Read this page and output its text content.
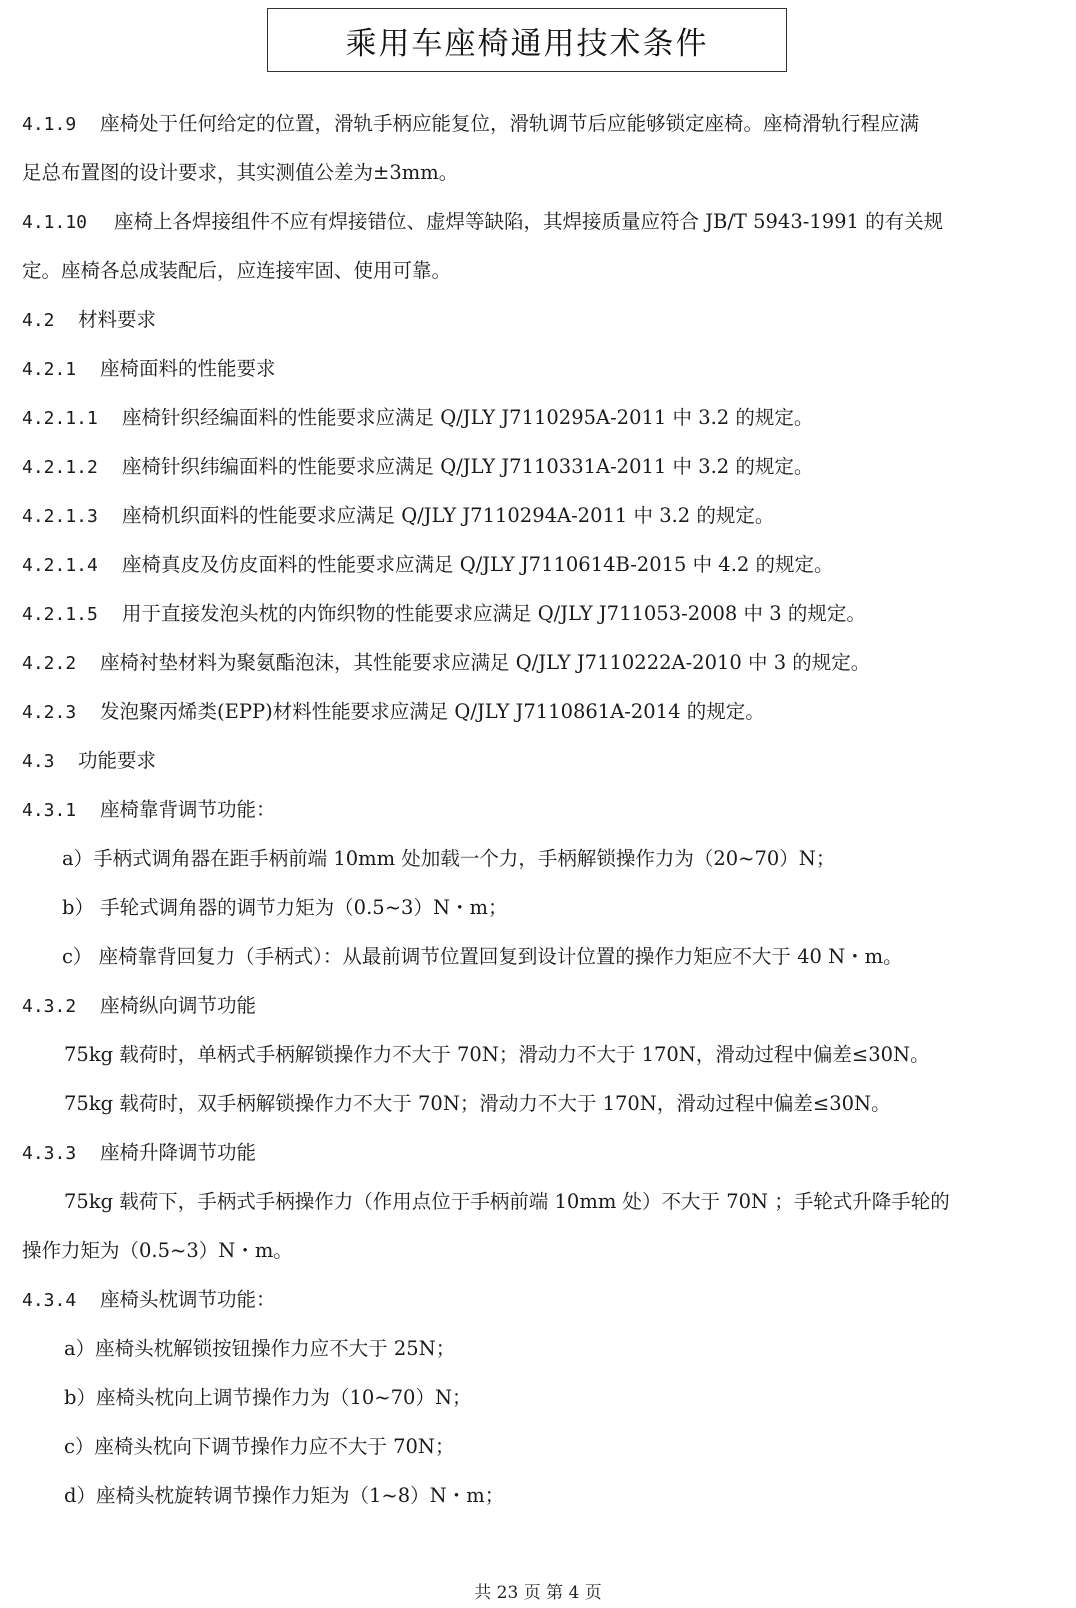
乘用车座椅通用技术条件
4.1.9 座椅处于任何给定的位置，滑轨手柄应能复位，滑轨调节后应能够锁定座椅。座椅滑轨行程应满
足总布置图的设计要求，其实测值公差为±3mm。
4.1.10 座椅上各焊接组件不应有焊接错位、虚焊等缺陷，其焊接质量应符合 JB/T 5943-1991 的有关规
定。座椅各总成装配后，应连接牢固、使用可靠。
4.2 材料要求
4.2.1 座椅面料的性能要求
4.2.1.1 座椅针织经编面料的性能要求应满足 Q/JLY J7110295A-2011 中 3.2 的规定。
4.2.1.2 座椅针织纬编面料的性能要求应满足 Q/JLY J7110331A-2011 中 3.2 的规定。
4.2.1.3 座椅机织面料的性能要求应满足 Q/JLY J7110294A-2011 中 3.2 的规定。
4.2.1.4 座椅真皮及仿皮面料的性能要求应满足 Q/JLY J7110614B-2015 中 4.2 的规定。
4.2.1.5 用于直接发泡头枕的内饰织物的性能要求应满足 Q/JLY J711053-2008 中 3 的规定。
4.2.2 座椅衬垫材料为聚氨酯泡沫，其性能要求应满足 Q/JLY J7110222A-2010 中 3 的规定。
4.2.3 发泡聚丙烯类(EPP)材料性能要求应满足 Q/JLY J7110861A-2014 的规定。
4.3 功能要求
4.3.1 座椅靠背调节功能：
a）手柄式调角器在距手柄前端 10mm 处加载一个力，手柄解锁操作力为（20~70）N；
b） 手轮式调角器的调节力矩为（0.5~3）N・m；
c） 座椅靠背回复力（手柄式）：从最前调节位置回复到设计位置的操作力矩应不大于 40 N・m。
4.3.2 座椅纵向调节功能
75kg 载荷时，单柄式手柄解锁操作力不大于 70N；滑动力不大于 170N，滑动过程中偏差≤30N。
75kg 载荷时，双手柄解锁操作力不大于 70N；滑动力不大于 170N，滑动过程中偏差≤30N。
4.3.3 座椅升降调节功能
75kg 载荷下，手柄式手柄操作力（作用点位于手柄前端 10mm 处）不大于 70N ；手轮式升降手轮的
操作力矩为（0.5~3）N・m。
4.3.4 座椅头枕调节功能：
a）座椅头枕解锁按钮操作力应不大于 25N；
b）座椅头枕向上调节操作力为（10~70）N；
c）座椅头枕向下调节操作力应不大于 70N；
d）座椅头枕旋转调节操作力矩为（1~8）N・m；
共 23 页 第 4 页
